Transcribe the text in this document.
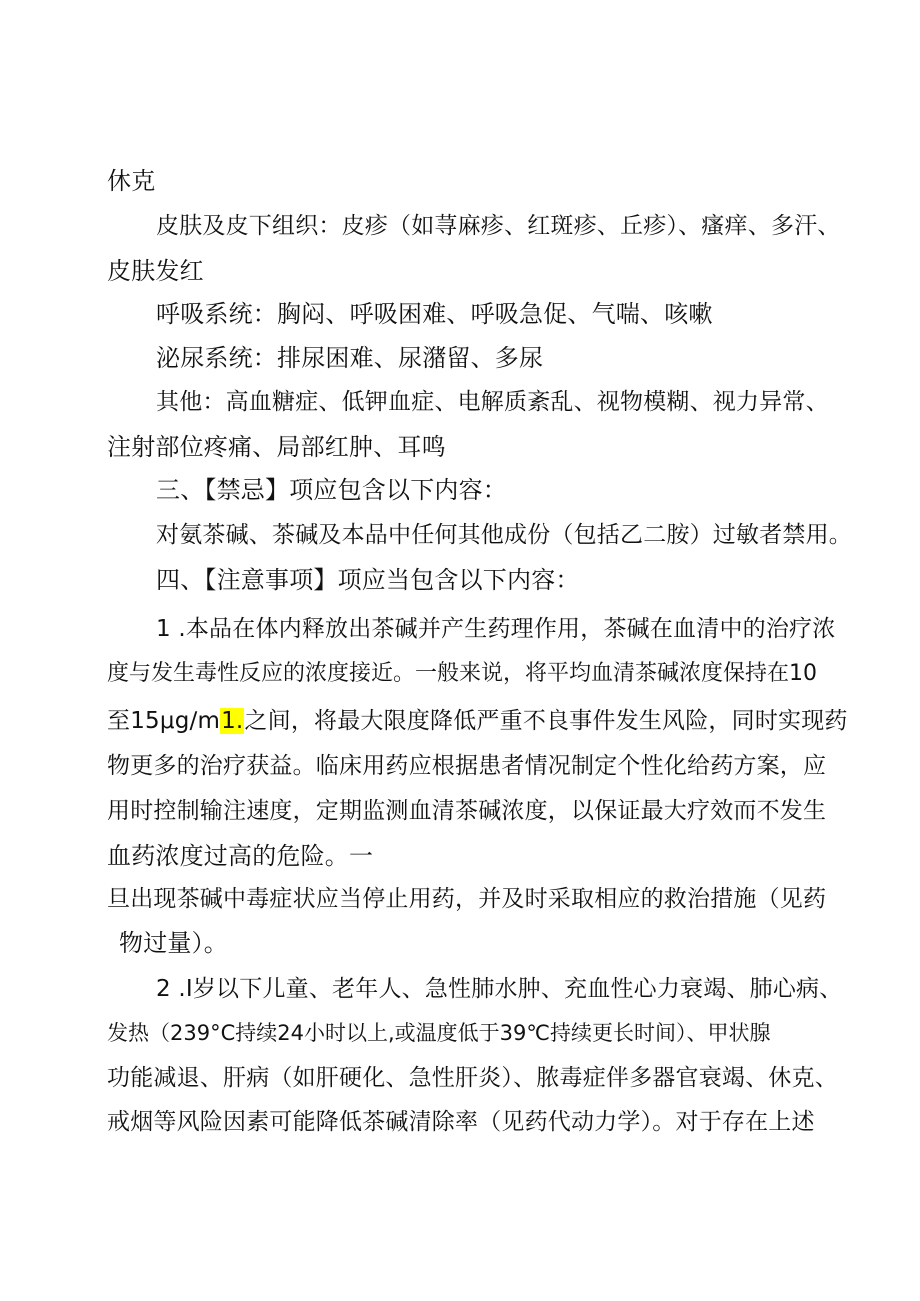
休克
皮肤及皮下组织：皮疹（如荨麻疹、红斑疹、丘疹）、瘙痒、多汗、
皮肤发红
呼吸系统：胸闷、呼吸困难、呼吸急促、气喘、咳嗽
泌尿系统：排尿困难、尿潴留、多尿
其他：高血糖症、低钾血症、电解质紊乱、视物模糊、视力异常、
注射部位疼痛、局部红肿、耳鸣
三、【禁忌】项应包含以下内容：
对氨茶碱、茶碱及本品中任何其他成份（包括乙二胺）过敏者禁用。
四、【注意事项】项应当包含以下内容：
1 .本品在体内释放出茶碱并产生药理作用，茶碱在血清中的治疗浓
度与发生毒性反应的浓度接近。一般来说，将平均血清茶碱浓度保持在10
至15μg∕m1.之间，将最大限度降低严重不良事件发生风险，同时实现药
物更多的治疗获益。临床用药应根据患者情况制定个性化给药方案，应
用时控制输注速度，定期监测血清茶碱浓度，以保证最大疗效而不发生
血药浓度过高的危险。一
旦出现茶碱中毒症状应当停止用药，并及时采取相应的救治措施（见药
物过量）。
2 .I岁以下儿童、老年人、急性肺水肿、充血性心力衰竭、肺心病、
发热（239°C持续24小时以上,或温度低于39℃持续更长时间）、甲状腺
功能减退、肝病（如肝硬化、急性肝炎）、脓毒症伴多器官衰竭、休克、
戒烟等风险因素可能降低茶碱清除率（见药代动力学）。对于存在上述
